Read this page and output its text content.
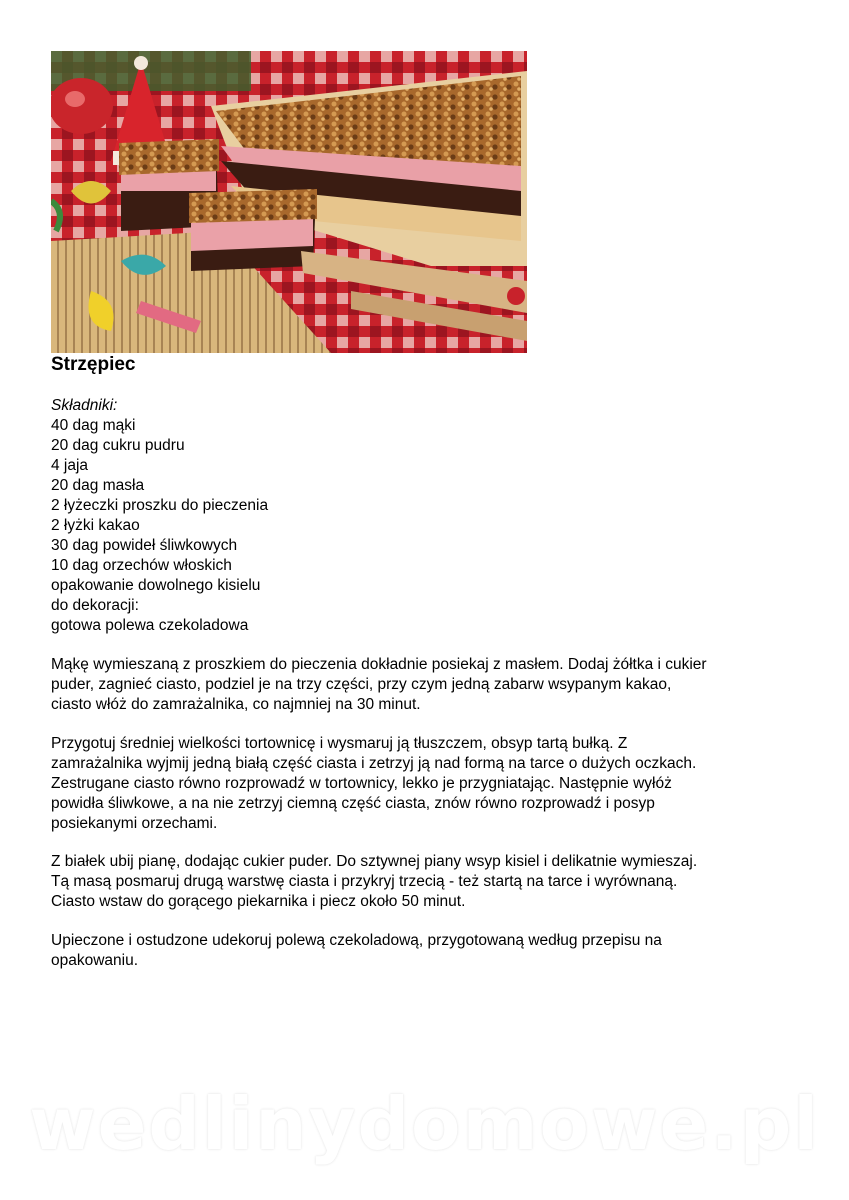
Strzępiec
Składniki:
40 dag mąki
20 dag cukru pudru
4 jaja
20 dag masła
2 łyżeczki proszku do pieczenia
2 łyżki kakao
30 dag powideł śliwkowych
10 dag orzechów włoskich
opakowanie dowolnego kisielu
do dekoracji:
gotowa polewa czekoladowa
Mąkę wymieszaną z proszkiem do pieczenia dokładnie posiekaj z masłem. Dodaj żółtka i cukier
puder, zagnieć ciasto, podziel je na trzy części, przy czym jedną zabarw wsypanym kakao,
ciasto włóż do zamrażalnika, co najmniej na 30 minut.
Przygotuj średniej wielkości tortownicę i wysmaruj ją tłuszczem, obsyp tartą bułką. Z
zamrażalnika wyjmij jedną białą część ciasta i zetrzyj ją nad formą na tarce o dużych oczkach.
Zestrugane ciasto równo rozprowadź w tortownicy, lekko je przygniatając. Następnie wyłóż
powidła śliwkowe, a na nie zetrzyj ciemną część ciasta, znów równo rozprowadź i posyp
posiekanymi orzechami.
Z białek ubij pianę, dodając cukier puder. Do sztywnej piany wsyp kisiel i delikatnie wymieszaj.
Tą masą posmaruj drugą warstwę ciasta i przykryj trzecią - też startą na tarce i wyrównaną.
Ciasto wstaw do gorącego piekarnika i piecz około 50 minut.
Upieczone i ostudzone udekoruj polewą czekoladową, przygotowaną według przepisu na
opakowaniu.
wedlinydomowe.pl
